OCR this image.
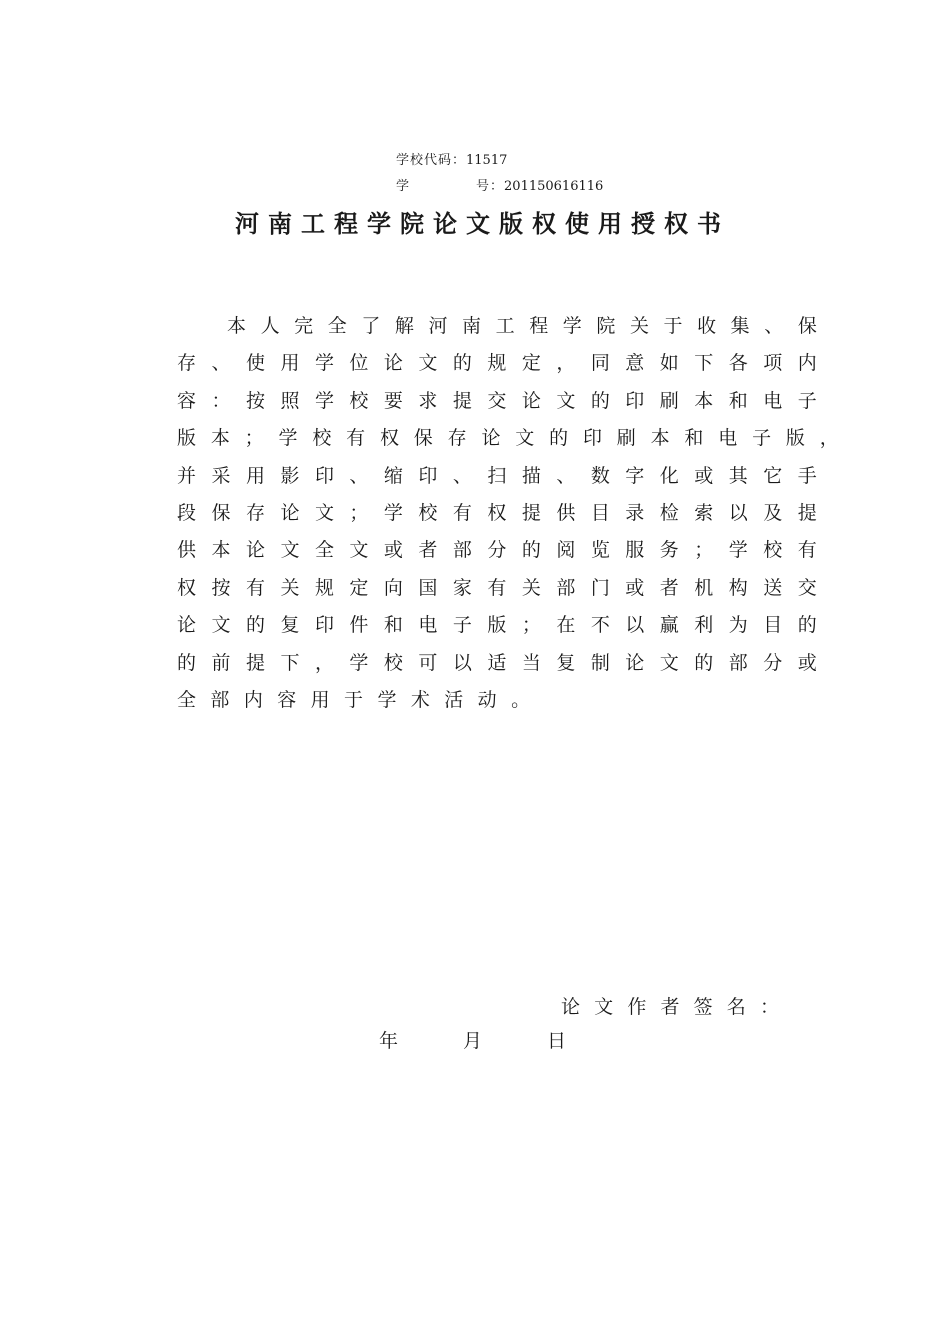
学校代码：11517
学	号：201150616116
河南工程学院论文版权使用授权书
本 人 完 全 了 解 河 南 工 程 学 院 关 于 收 集 、 保
存 、 使 用 学 位 论 文 的 规 定 ， 同 意 如 下 各 项 内
容 ： 按 照 学 校 要 求 提 交 论 文 的 印 刷 本 和 电 子
版 本 ； 学 校 有 权 保 存 论 文 的 印 刷 本 和 电 子 版 ，
并 采 用 影 印 、 缩 印 、 扫 描 、 数 字 化 或 其 它 手
段 保 存 论 文 ； 学 校 有 权 提 供 目 录 检 索 以 及 提
供 本 论 文 全 文 或 者 部 分 的 阅 览 服 务 ； 学 校 有
权 按 有 关 规 定 向 国 家 有 关 部 门 或 者 机 构 送 交
论 文 的 复 印 件 和 电 子 版 ； 在 不 以 赢 利 为 目 的
的 前 提 下 ， 学 校 可 以 适 当 复 制 论 文 的 部 分 或
全 部 内 容 用 于 学 术 活 动 。
论 文 作 者 签 名 ：
年	月	日
